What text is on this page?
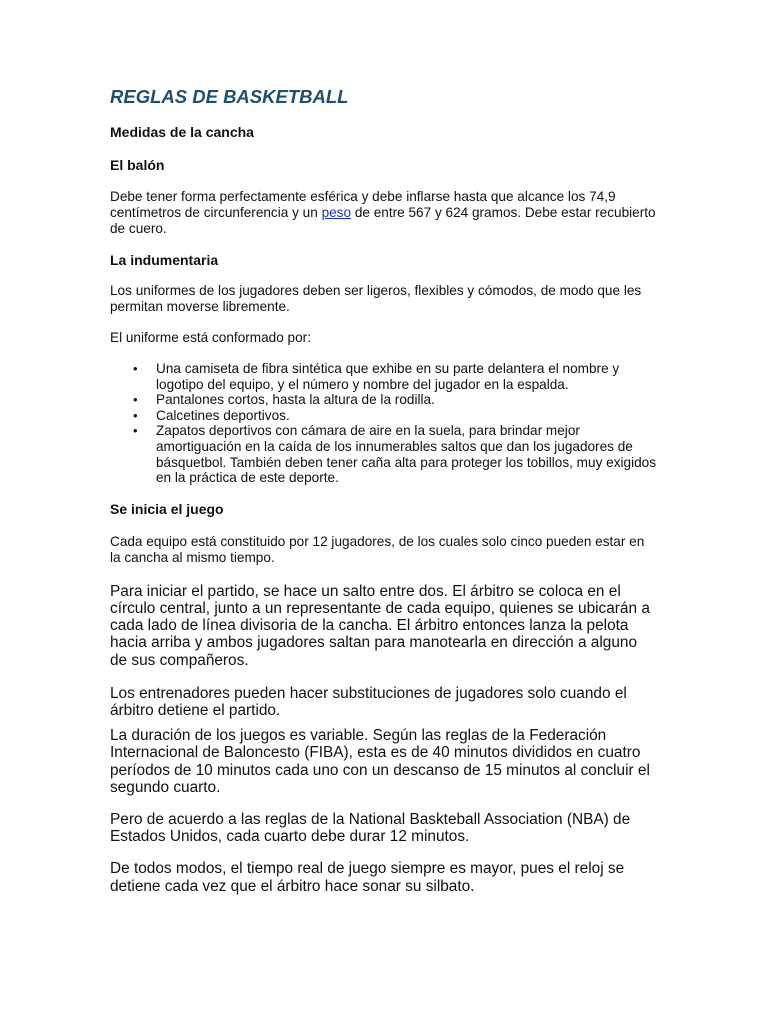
REGLAS DE BASKETBALL

Medidas de la cancha

El balón

Debe tener forma perfectamente esférica y debe inflarse hasta que alcance los 74,9 centímetros de circunferencia y un peso de entre 567 y 624 gramos. Debe estar recubierto de cuero.

La indumentaria

Los uniformes de los jugadores deben ser ligeros, flexibles y cómodos, de modo que les permitan moverse libremente.

El uniforme está conformado por:

• Una camiseta de fibra sintética que exhibe en su parte delantera el nombre y logotipo del equipo, y el número y nombre del jugador en la espalda.
• Pantalones cortos, hasta la altura de la rodilla.
• Calcetines deportivos.
• Zapatos deportivos con cámara de aire en la suela, para brindar mejor amortiguación en la caída de los innumerables saltos que dan los jugadores de básquetbol. También deben tener caña alta para proteger los tobillos, muy exigidos en la práctica de este deporte.

Se inicia el juego

Cada equipo está constituido por 12 jugadores, de los cuales solo cinco pueden estar en la cancha al mismo tiempo.

Para iniciar el partido, se hace un salto entre dos. El árbitro se coloca en el círculo central, junto a un representante de cada equipo, quienes se ubicarán a cada lado de línea divisoria de la cancha. El árbitro entonces lanza la pelota hacia arriba y ambos jugadores saltan para manotearla en dirección a alguno de sus compañeros.

Los entrenadores pueden hacer substituciones de jugadores solo cuando el árbitro detiene el partido.

La duración de los juegos es variable. Según las reglas de la Federación Internacional de Baloncesto (FIBA), esta es de 40 minutos divididos en cuatro períodos de 10 minutos cada uno con un descanso de 15 minutos al concluir el segundo cuarto.

Pero de acuerdo a las reglas de la National Baskteball Association (NBA) de Estados Unidos, cada cuarto debe durar 12 minutos.

De todos modos, el tiempo real de juego siempre es mayor, pues el reloj se detiene cada vez que el árbitro hace sonar su silbato.
